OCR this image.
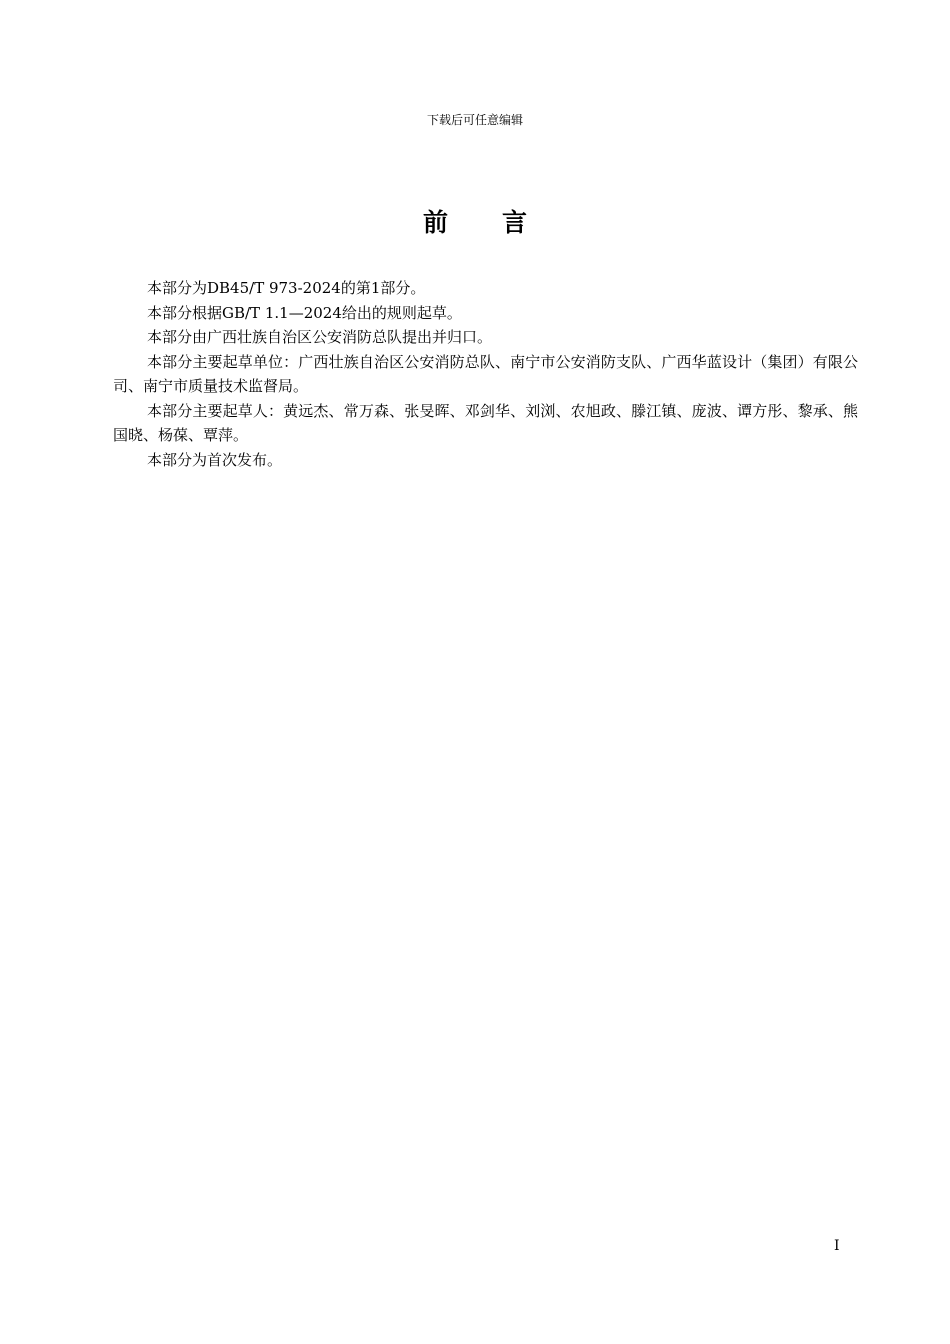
下载后可任意编辑
前言

本部分为DB45/T 973-2024的第1部分。

本部分根据GB/T 1.1—2024给出的规则起草。

本部分由广西壮族自治区公安消防总队提出并归口。

本部分主要起草单位：广西壮族自治区公安消防总队、南宁市公安消防支队、广西华蓝设计（集团）有限公司、南宁市质量技术监督局。

本部分主要起草人：黄远杰、常万森、张旻晖、邓剑华、刘浏、农旭政、滕江镇、庞波、谭方彤、黎承、熊国晓、杨葆、覃萍。

本部分为首次发布。

I
